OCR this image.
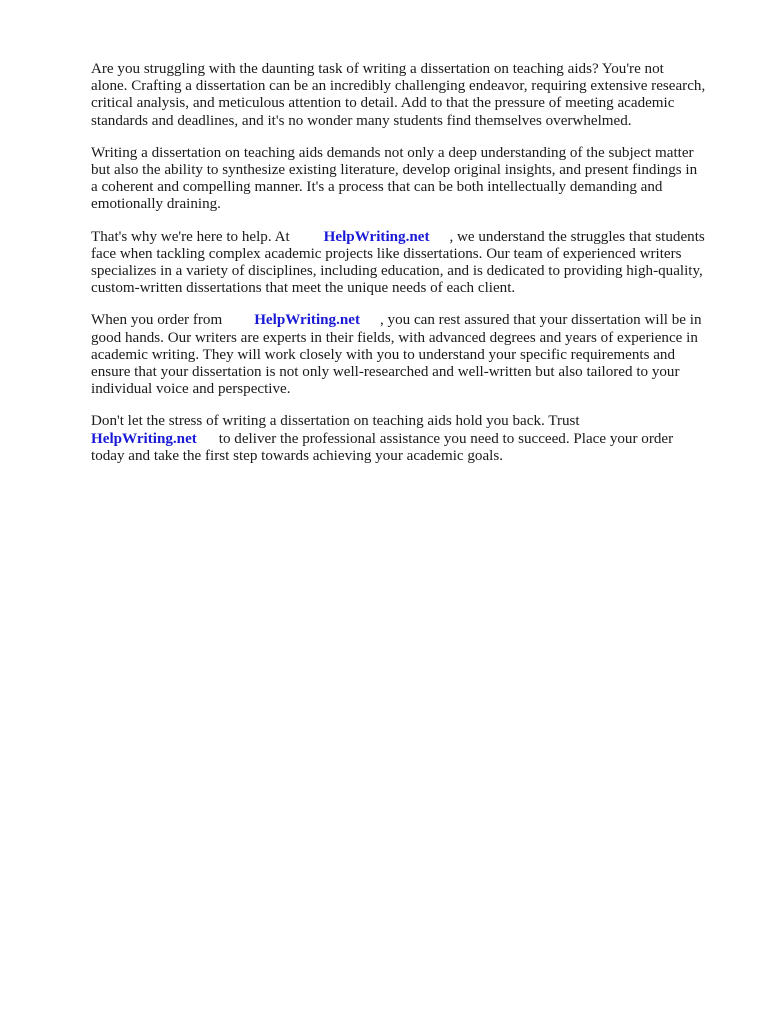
Are you struggling with the daunting task of writing a dissertation on teaching aids? You're not
alone. Crafting a dissertation can be an incredibly challenging endeavor, requiring extensive research,
critical analysis, and meticulous attention to detail. Add to that the pressure of meeting academic
standards and deadlines, and it's no wonder many students find themselves overwhelmed.

Writing a dissertation on teaching aids demands not only a deep understanding of the subject matter
but also the ability to synthesize existing literature, develop original insights, and present findings in
a coherent and compelling manner. It's a process that can be both intellectually demanding and
emotionally draining.

That's why we're here to help. At HelpWriting.net , we understand the struggles that students
face when tackling complex academic projects like dissertations. Our team of experienced writers
specializes in a variety of disciplines, including education, and is dedicated to providing high-quality,
custom-written dissertations that meet the unique needs of each client.

When you order from HelpWriting.net , you can rest assured that your dissertation will be in
good hands. Our writers are experts in their fields, with advanced degrees and years of experience in
academic writing. They will work closely with you to understand your specific requirements and
ensure that your dissertation is not only well-researched and well-written but also tailored to your
individual voice and perspective.

Don't let the stress of writing a dissertation on teaching aids hold you back. Trust
HelpWriting.net to deliver the professional assistance you need to succeed. Place your order
today and take the first step towards achieving your academic goals.
